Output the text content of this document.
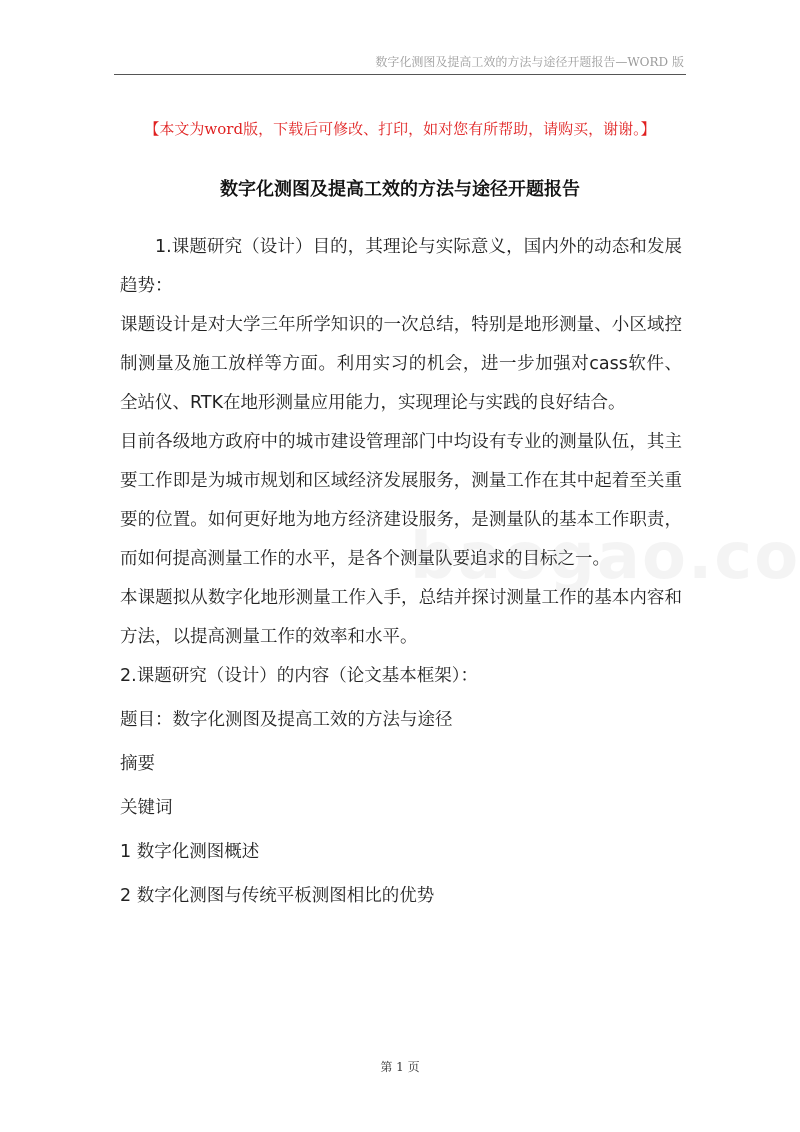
数字化测图及提高工效的方法与途径开题报告—WORD 版
【本文为word版，下载后可修改、打印，如对您有所帮助，请购买，谢谢。】
数字化测图及提高工效的方法与途径开题报告

1.课题研究（设计）目的，其理论与实际意义，国内外的动态和发展趋势：

课题设计是对大学三年所学知识的一次总结，特别是地形测量、小区域控制测量及施工放样等方面。利用实习的机会，进一步加强对cass软件、全站仪、RTK在地形测量应用能力，实现理论与实践的良好结合。

目前各级地方政府中的城市建设管理部门中均设有专业的测量队伍，其主要工作即是为城市规划和区域经济发展服务，测量工作在其中起着至关重要的位置。如何更好地为地方经济建设服务，是测量队的基本工作职责，而如何提高测量工作的水平，是各个测量队要追求的目标之一。

本课题拟从数字化地形测量工作入手，总结并探讨测量工作的基本内容和方法，以提高测量工作的效率和水平。

2.课题研究（设计）的内容（论文基本框架）：

题目：数字化测图及提高工效的方法与途径

摘要

关键词

1 数字化测图概述

2 数字化测图与传统平板测图相比的优势

第 1 页
